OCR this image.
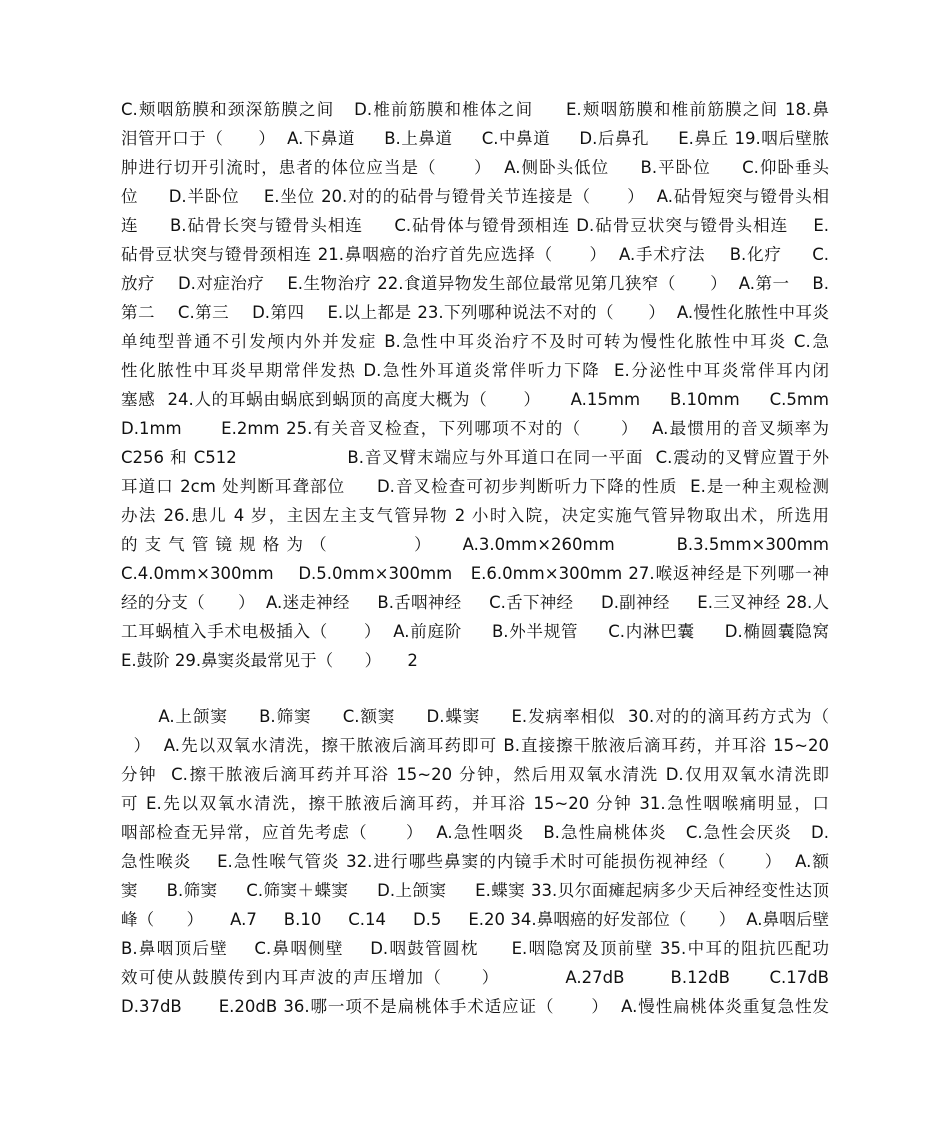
C.颊咽筋膜和颈深筋膜之间   D.椎前筋膜和椎体之间     E.颊咽筋膜和椎前筋膜之间 18.鼻
泪管开口于（      ）  A.下鼻道     B.上鼻道     C.中鼻道     D.后鼻孔     E.鼻丘 19.咽后壁脓
肿进行切开引流时，患者的体位应当是（      ）  A.侧卧头低位     B.平卧位     C.仰卧垂头
位     D.半卧位    E.坐位 20.对的的砧骨与镫骨关节连接是（      ）  A.砧骨短突与镫骨头相
连     B.砧骨长突与镫骨头相连     C.砧骨体与镫骨颈相连 D.砧骨豆状突与镫骨头相连    E.
砧骨豆状突与镫骨颈相连 21.鼻咽癌的治疗首先应选择（      ）  A.手术疗法    B.化疗     C.
放疗    D.对症治疗    E.生物治疗 22.食道异物发生部位最常见第几狭窄（      ）  A.第一    B.
第二    C.第三    D.第四    E.以上都是 23.下列哪种说法不对的（      ）  A.慢性化脓性中耳炎
单纯型普通不引发颅内外并发症 B.急性中耳炎治疗不及时可转为慢性化脓性中耳炎 C.急
性化脓性中耳炎早期常伴发热 D.急性外耳道炎常伴听力下降  E.分泌性中耳炎常伴耳内闭
塞感  24.人的耳蜗由蜗底到蜗顶的高度大概为（      ）     A.15mm     B.10mm     C.5mm
D.1mm      E.2mm 25.有关音叉检查，下列哪项不对的（      ）  A.最惯用的音叉频率为
C256 和 C512                  B.音叉臂末端应与外耳道口在同一平面  C.震动的叉臂应置于外
耳道口 2cm 处判断耳聋部位     D.音叉检查可初步判断听力下降的性质  E.是一种主观检测
办法 26.患儿 4 岁，主因左主支气管异物 2 小时入院，决定实施气管异物取出术，所选用
的 支 气 管 镜 规 格 为 （              ）     A.3.0mm×260mm          B.3.5mm×300mm
C.4.0mm×300mm    D.5.0mm×300mm   E.6.0mm×300mm 27.喉返神经是下列哪一神
经的分支（      ）  A.迷走神经     B.舌咽神经     C.舌下神经     D.副神经     E.三叉神经 28.人
工耳蜗植入手术电极插入（      ）  A.前庭阶     B.外半规管     C.内淋巴囊     D.椭圆囊隐窝
E.鼓阶 29.鼻窦炎最常见于（      ）     2
A.上颌窦     B.筛窦     C.额窦     D.蝶窦     E.发病率相似  30.对的的滴耳药方式为（
）  A.先以双氧水清洗，擦干脓液后滴耳药即可 B.直接擦干脓液后滴耳药，并耳浴 15~20
分钟  C.擦干脓液后滴耳药并耳浴 15~20 分钟，然后用双氧水清洗 D.仅用双氧水清洗即
可 E.先以双氧水清洗，擦干脓液后滴耳药，并耳浴 15~20 分钟 31.急性咽喉痛明显，口
咽部检查无异常，应首先考虑（      ）  A.急性咽炎   B.急性扁桃体炎   C.急性会厌炎   D.
急性喉炎    E.急性喉气管炎 32.进行哪些鼻窦的内镜手术时可能损伤视神经（      ）  A.额
窦     B.筛窦     C.筛窦＋蝶窦     D.上颌窦     E.蝶窦 33.贝尔面瘫起病多少天后神经变性达顶
峰（      ）     A.7     B.10     C.14     D.5     E.20 34.鼻咽癌的好发部位（      ）  A.鼻咽后壁
B.鼻咽顶后壁    C.鼻咽侧壁    D.咽鼓管圆枕     E.咽隐窝及顶前壁 35.中耳的阻抗匹配功
效可使从鼓膜传到内耳声波的声压增加（      ）          A.27dB       B.12dB      C.17dB
D.37dB      E.20dB 36.哪一项不是扁桃体手术适应证（      ）  A.慢性扁桃体炎重复急性发
